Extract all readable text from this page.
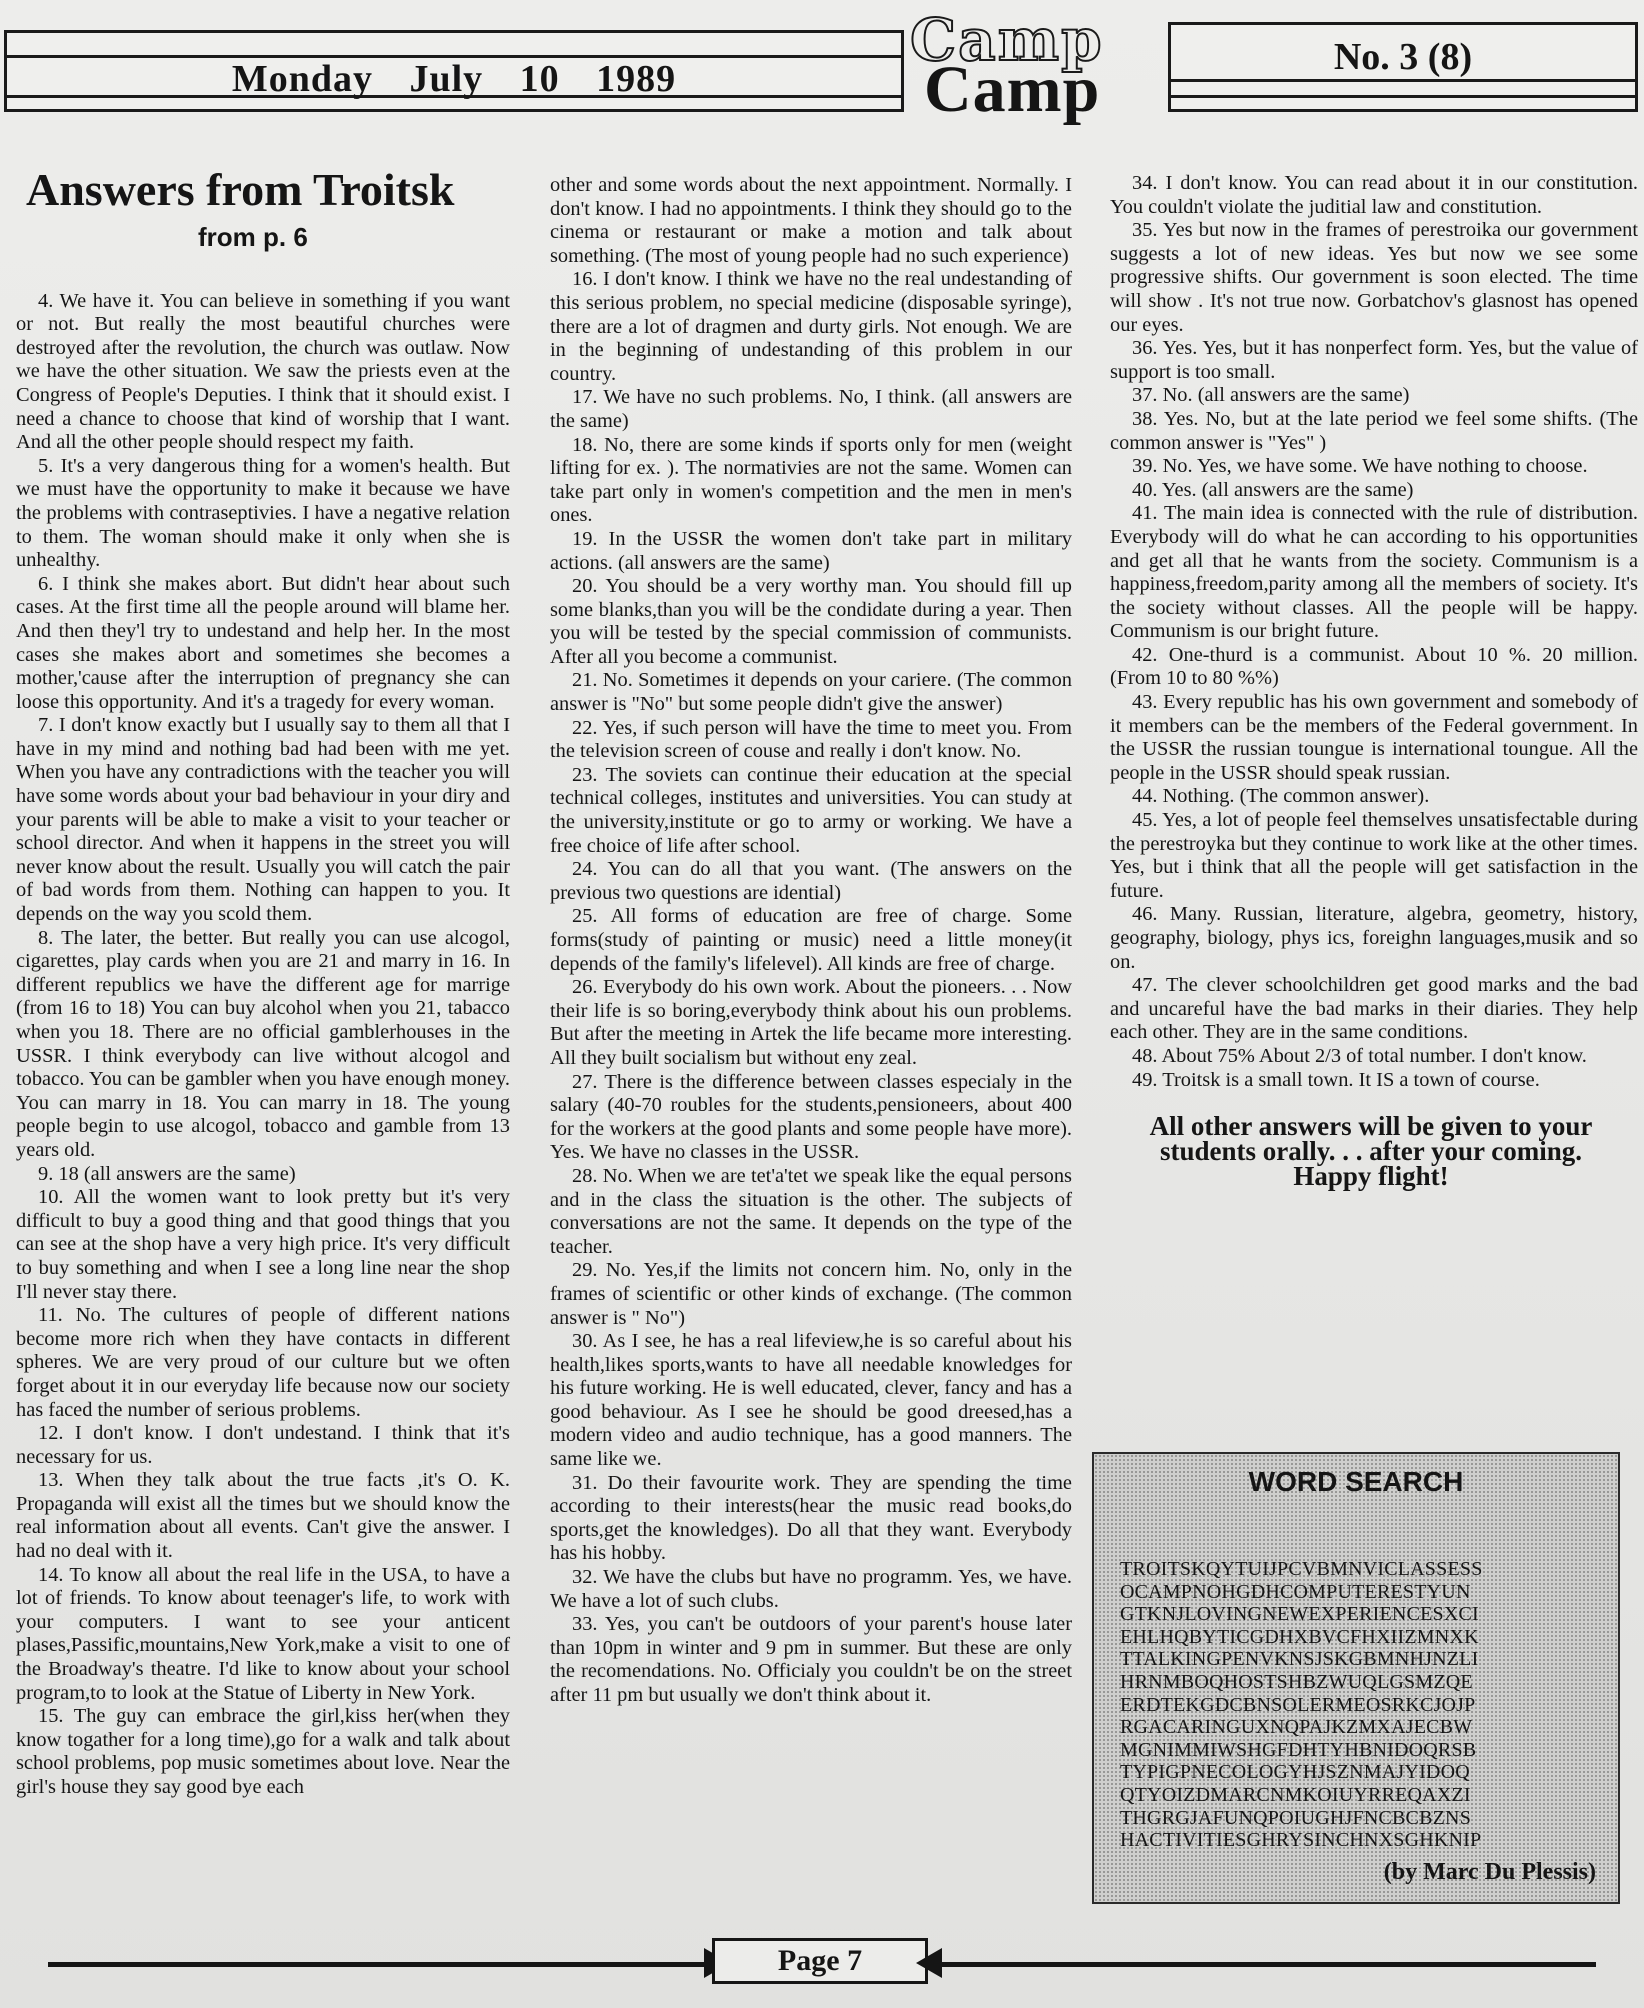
Monday July 10 1989
Camp
Camp	No. 3 (8)
Answers from Troitsk
from p. 6

4. We have it. You can believe in something if you want or not. But really the most beautiful churches were destroyed after the revolution, the church was outlaw. Now we have the other situation. We saw the priests even at the Congress of People's Deputies. I think that it should exist. I need a chance to choose that kind of worship that I want. And all the other people should respect my faith.

5. It's a very dangerous thing for a women's health. But we must have the opportunity to make it because we have the problems with contraseptivies. I have a negative relation to them. The woman should make it only when she is unhealthy.

6. I think she makes abort. But didn't hear about such cases. At the first time all the people around will blame her. And then they'l try to undestand and help her. In the most cases she makes abort and sometimes she becomes a mother,'cause after the interruption of pregnancy she can loose this opportunity. And it's a tragedy for every woman.

7. I don't know exactly but I usually say to them all that I have in my mind and nothing bad had been with me yet. When you have any contradictions with the teacher you will have some words about your bad behaviour in your diry and your parents will be able to make a visit to your teacher or school director. And when it happens in the street you will never know about the result. Usually you will catch the pair of bad words from them. Nothing can happen to you. It depends on the way you scold them.

8. The later, the better. But really you can use alcogol, cigarettes, play cards when you are 21 and marry in 16. In different republics we have the different age for marrige (from 16 to 18) You can buy alcohol when you 21, tabacco when you 18. There are no official gamblerhouses in the USSR. I think everybody can live without alcogol and tobacco. You can be gambler when you have enough money. You can marry in 18. You can marry in 18. The young people begin to use alcogol, tobacco and gamble from 13 years old.

9. 18 (all answers are the same)

10. All the women want to look pretty but it's very difficult to buy a good thing and that good things that you can see at the shop have a very high price. It's very difficult to buy something and when I see a long line near the shop I'll never stay there.

11. No. The cultures of people of different nations become more rich when they have contacts in different spheres. We are very proud of our culture but we often forget about it in our everyday life because now our society has faced the number of serious problems.

12. I don't know. I don't undestand. I think that it's necessary for us.

13. When they talk about the true facts ,it's O. K. Propaganda will exist all the times but we should know the real information about all events. Can't give the answer. I had no deal with it.

14. To know all about the real life in the USA, to have a lot of friends. To know about teenager's life, to work with your computers. I want to see your anticent plases,Passific,mountains,New York,make a visit to one of the Broadway's theatre. I'd like to know about your school program,to to look at the Statue of Liberty in New York.

15. The guy can embrace the girl,kiss her(when they know togather for a long time),go for a walk and talk about school problems, pop music sometimes about love. Near the girl's house they say good bye each

other and some words about the next appointment. Normally. I don't know. I had no appointments. I think they should go to the cinema or restaurant or make a motion and talk about something. (The most of young people had no such experience)

16. I don't know. I think we have no the real undestanding of this serious problem, no special medicine (disposable syringe), there are a lot of dragmen and durty girls. Not enough. We are in the beginning of undestanding of this problem in our country.

17. We have no such problems. No, I think. (all answers are the same)

18. No, there are some kinds if sports only for men (weight lifting for ex. ). The normativies are not the same. Women can take part only in women's competition and the men in men's ones.

19. In the USSR the women don't take part in military actions. (all answers are the same)

20. You should be a very worthy man. You should fill up some blanks,than you will be the condidate during a year. Then you will be tested by the special commission of communists. After all you become a communist.

21. No. Sometimes it depends on your cariere. (The common answer is "No" but some people didn't give the answer)

22. Yes, if such person will have the time to meet you. From the television screen of couse and really i don't know. No.

23. The soviets can continue their education at the special technical colleges, institutes and universities. You can study at the university,institute or go to army or working. We have a free choice of life after school.

24. You can do all that you want. (The answers on the previous two questions are idential)

25. All forms of education are free of charge. Some forms(study of painting or music) need a little money(it depends of the family's lifelevel). All kinds are free of charge.

26. Everybody do his own work. About the pioneers. . . Now their life is so boring,everybody think about his oun problems. But after the meeting in Artek the life became more interesting. All they built socialism but without eny zeal.

27. There is the difference between classes especialy in the salary (40-70 roubles for the students,pensioneers, about 400 for the workers at the good plants and some people have more). Yes. We have no classes in the USSR.

28. No. When we are tet'a'tet we speak like the equal persons and in the class the situation is the other. The subjects of conversations are not the same. It depends on the type of the teacher.

29. No. Yes,if the limits not concern him. No, only in the frames of scientific or other kinds of exchange. (The common answer is " No")

30. As I see, he has a real lifeview,he is so careful about his health,likes sports,wants to have all needable knowledges for his future working. He is well educated, clever, fancy and has a good behaviour. As I see he should be good dreesed,has a modern video and audio technique, has a good manners. The same like we.

31. Do their favourite work. They are spending the time according to their interests(hear the music read books,do sports,get the knowledges). Do all that they want. Everybody has his hobby.

32. We have the clubs but have no programm. Yes, we have. We have a lot of such clubs.

33. Yes, you can't be outdoors of your parent's house later than 10pm in winter and 9 pm in summer. But these are only the recomendations. No. Officialy you couldn't be on the street after 11 pm but usually we don't think about it.

34. I don't know. You can read about it in our constitution. You couldn't violate the juditial law and constitution.

35. Yes but now in the frames of perestroika our government suggests a lot of new ideas. Yes but now we see some progressive shifts. Our government is soon elected. The time will show . It's not true now. Gorbatchov's glasnost has opened our eyes.

36. Yes. Yes, but it has nonperfect form. Yes, but the value of support is too small.

37. No. (all answers are the same)

38. Yes. No, but at the late period we feel some shifts. (The common answer is "Yes" )

39. No. Yes, we have some. We have nothing to choose.

40. Yes. (all answers are the same)

41. The main idea is connected with the rule of distribution. Everybody will do what he can according to his opportunities and get all that he wants from the society. Communism is a happiness,freedom,parity among all the members of society. It's the society without classes. All the people will be happy. Communism is our bright future.

42. One-thurd is a communist. About 10 %. 20 million. (From 10 to 80 %%)

43. Every republic has his own government and somebody of it members can be the members of the Federal government. In the USSR the russian toungue is international toungue. All the people in the USSR should speak russian.

44. Nothing. (The common answer).

45. Yes, a lot of people feel themselves unsatisfectable during the perestroyka but they continue to work like at the other times. Yes, but i think that all the people will get satisfaction in the future.

46. Many. Russian, literature, algebra, geometry, history, geography, biology, phys ics, foreighn languages,musik and so on.

47. The clever schoolchildren get good marks and the bad and uncareful have the bad marks in their diaries. They help each other. They are in the same conditions.

48. About 75% About 2/3 of total number. I don't know.

49. Troitsk is a small town. It IS a town of course.

All other answers will be given to your
students orally. . . after your coming.
Happy flight!
WORD SEARCH
TROITSKQYTUIJPCVBMNVICLASSESS
OCAMPNOHGDHCOMPUTERESTYUN
GTKNJLOVINGNEWEXPERIENCESXCI
EHLHQBYTICGDHXBVCFHXIIZMNXK
TTALKINGPENVKNSJSKGBMNHJNZLI
HRNMBOQHOSTSHBZWUQLGSMZQE
ERDTEKGDCBNSOLERMEOSRKCJOJP
RGACARINGUXNQPAJKZMXAJECBW
MGNIMMIWSHGFDHTYHBNIDOQRSB
TYPIGPNECOLOGYHJSZNMAJYIDOQ
QTYOIZDMARCNMKOIUYRREQAXZI
THGRGJAFUNQPOIUGHJFNCBCBZNS
HACTIVITIESGHRYSINCHNXSGHKNIP
(by Marc Du Plessis)
Page 7
